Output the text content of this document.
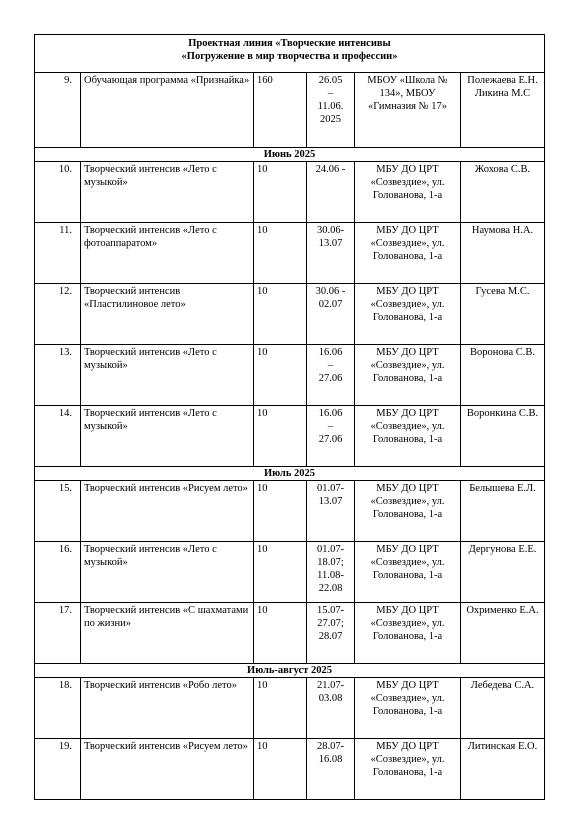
Проектная линия «Творческие интенсивы
«Погружение в мир творчества и профессии»					

9.	Обучающая программа «Признайка»	160	26.05
–
11.06.
2025	МБОУ «Школа № 134», МБОУ «Гимназия № 17»	Полежаева Е.Н. Ликина М.С
Июнь 2025					
10.	Творческий интенсив «Лето с музыкой»	10	24.06 -	МБУ ДО ЦРТ «Созвездие», ул. Голованова, 1-а	Жохова С.В.
11.	Творческий интенсив «Лето с фотоаппаратом»	10	30.06-
13.07	МБУ ДО ЦРТ «Созвездие», ул. Голованова, 1-а	Наумова Н.А.
12.	Творческий интенсив «Пластилиновое лето»	10	30.06 -
02.07	МБУ ДО ЦРТ «Созвездие», ул. Голованова, 1-а	Гусева М.С.
13.	Творческий интенсив «Лето с музыкой»	10	16.06
–
27.06	МБУ ДО ЦРТ «Созвездие», ул. Голованова, 1-а	Воронова С.В.
14.	Творческий интенсив «Лето с музыкой»	10	16.06
–
27.06	МБУ ДО ЦРТ «Созвездие», ул. Голованова, 1-а	Воронкина С.В.
Июль 2025					
15.	Творческий интенсив «Рисуем лето»	10	01.07-
13.07	МБУ ДО ЦРТ «Созвездие», ул. Голованова, 1-а	Белышева Е.Л.
16.	Творческий интенсив «Лето с музыкой»	10	01.07-
18.07;
11.08-
22.08	МБУ ДО ЦРТ «Созвездие», ул. Голованова, 1-а	Дергунова Е.Е.
17.	Творческий интенсив «С шахматами по жизни»	10	15.07-
27.07;
28.07	МБУ ДО ЦРТ «Созвездие», ул. Голованова, 1-а	Охрименко Е.А.
Июль-август 2025					
18.	Творческий интенсив «Робо лето»	10	21.07-
03.08	МБУ ДО ЦРТ «Созвездие», ул. Голованова, 1-а	Лебедева С.А.
19.	Творческий интенсив «Рисуем лето»	10	28.07-
16.08	МБУ ДО ЦРТ «Созвездие», ул. Голованова, 1-а	Литинская Е.О.
